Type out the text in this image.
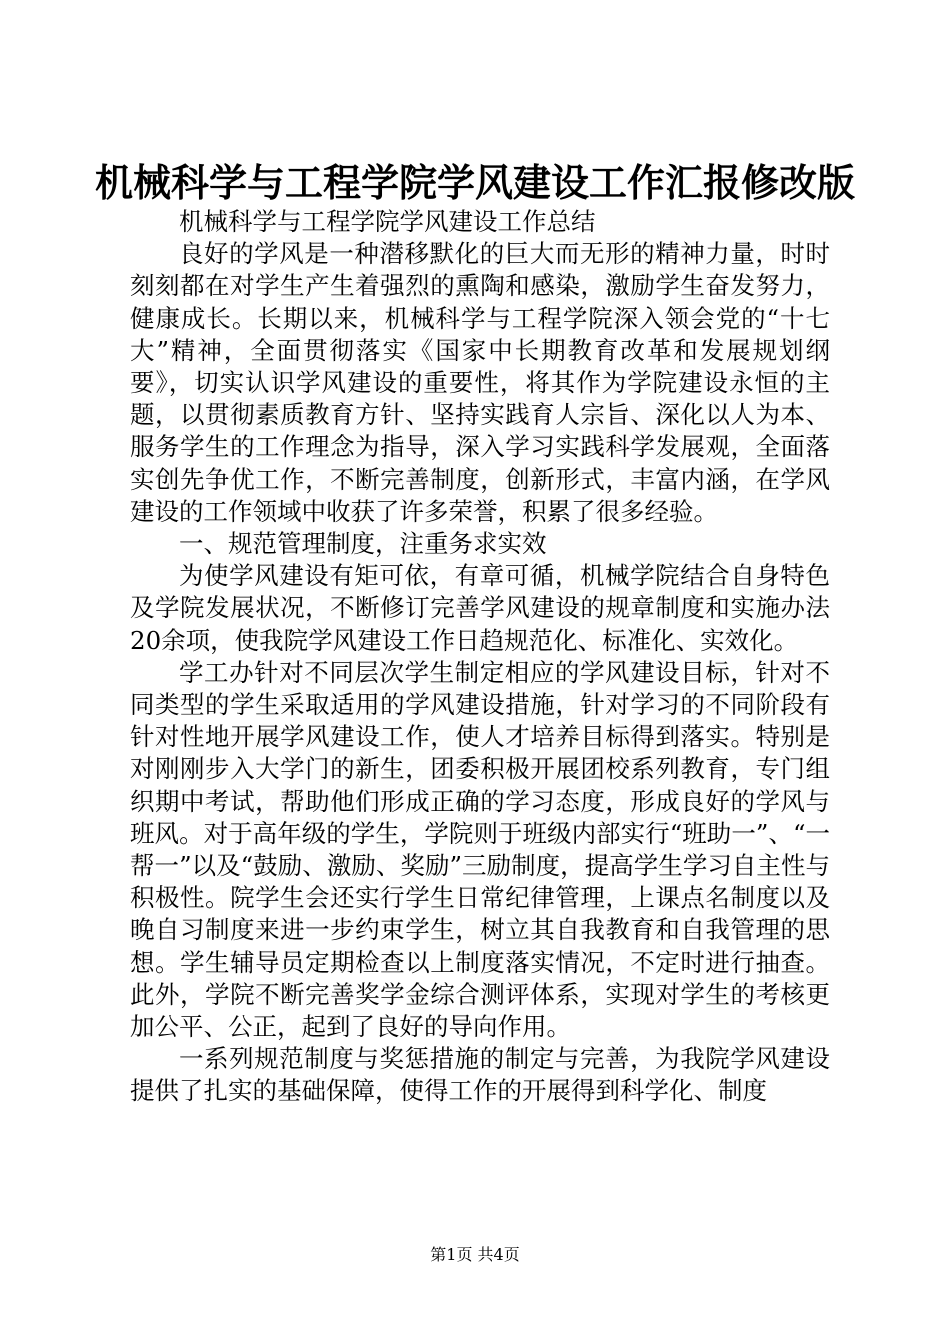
机械科学与工程学院学风建设工作汇报修改版

机械科学与工程学院学风建设工作总结

良好的学风是一种潜移默化的巨大而无形的精神力量，时时刻刻都在对学生产生着强烈的熏陶和感染，激励学生奋发努力，健康成长。长期以来，机械科学与工程学院深入领会党的“十七大”精神，全面贯彻落实《国家中长期教育改革和发展规划纲要》，切实认识学风建设的重要性，将其作为学院建设永恒的主题，以贯彻素质教育方针、坚持实践育人宗旨、深化以人为本、服务学生的工作理念为指导，深入学习实践科学发展观，全面落实创先争优工作，不断完善制度，创新形式，丰富内涵，在学风建设的工作领域中收获了许多荣誉，积累了很多经验。

一、规范管理制度，注重务求实效

为使学风建设有矩可依，有章可循，机械学院结合自身特色及学院发展状况，不断修订完善学风建设的规章制度和实施办法20余项，使我院学风建设工作日趋规范化、标准化、实效化。

学工办针对不同层次学生制定相应的学风建设目标，针对不同类型的学生采取适用的学风建设措施，针对学习的不同阶段有针对性地开展学风建设工作，使人才培养目标得到落实。特别是对刚刚步入大学门的新生，团委积极开展团校系列教育，专门组织期中考试，帮助他们形成正确的学习态度，形成良好的学风与班风。对于高年级的学生，学院则于班级内部实行“班助一”、“一帮一”以及“鼓励、激励、奖励”三励制度，提高学生学习自主性与积极性。院学生会还实行学生日常纪律管理，上课点名制度以及晚自习制度来进一步约束学生，树立其自我教育和自我管理的思想。学生辅导员定期检查以上制度落实情况，不定时进行抽查。此外，学院不断完善奖学金综合测评体系，实现对学生的考核更加公平、公正，起到了良好的导向作用。

一系列规范制度与奖惩措施的制定与完善，为我院学风建设提供了扎实的基础保障，使得工作的开展得到科学化、制度

第1页 共4页
